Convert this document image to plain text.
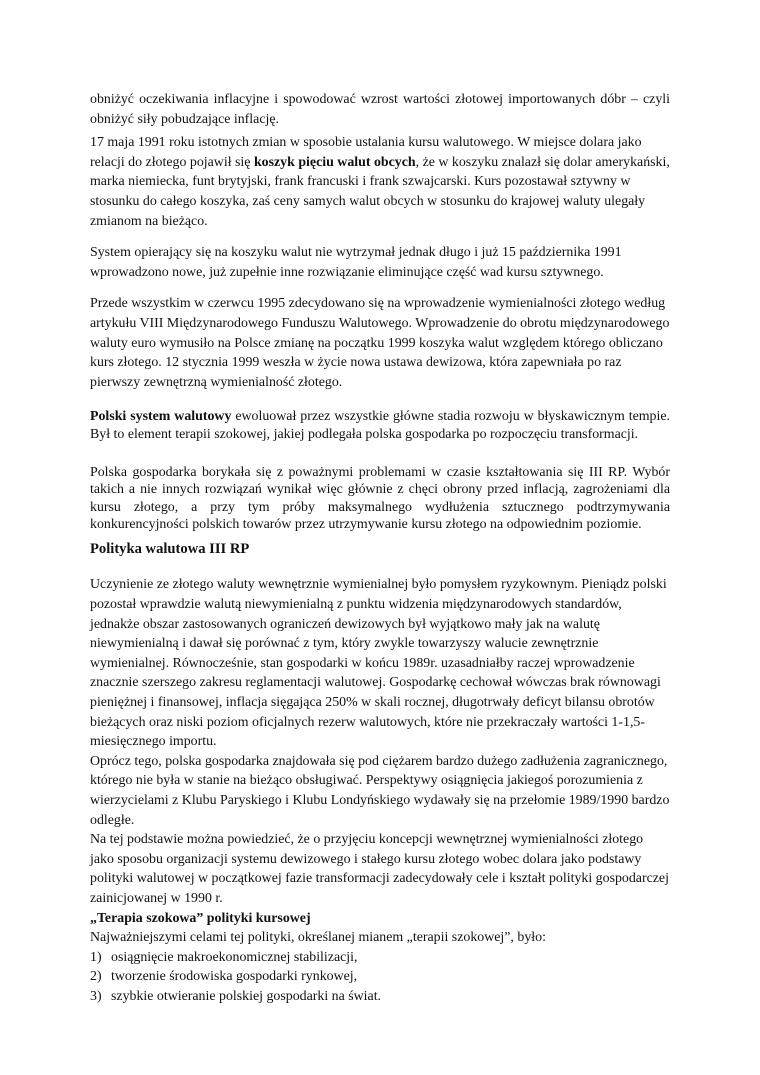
obniżyć oczekiwania inflacyjne i spowodować wzrost wartości złotowej importowanych dóbr – czyli obniżyć siły pobudzające inflację.

17 maja 1991 roku istotnych zmian w sposobie ustalania kursu walutowego. W miejsce dolara jako relacji do złotego pojawił się koszyk pięciu walut obcych, że w koszyku znalazł się dolar amerykański, marka niemiecka, funt brytyjski, frank francuski i frank szwajcarski. Kurs pozostawał sztywny w stosunku do całego koszyka, zaś ceny samych walut obcych w stosunku do krajowej waluty ulegały zmianom na bieżąco.

System opierający się na koszyku walut nie wytrzymał jednak długo i już 15 października 1991 wprowadzono nowe, już zupełnie inne rozwiązanie eliminujące część wad kursu sztywnego.

Przede wszystkim w czerwcu 1995 zdecydowano się na wprowadzenie wymienialności złotego według artykułu VIII Międzynarodowego Funduszu Walutowego. Wprowadzenie do obrotu międzynarodowego waluty euro wymusiło na Polsce zmianę na początku 1999 koszyka walut względem którego obliczano kurs złotego. 12 stycznia 1999 weszła w życie nowa ustawa dewizowa, która zapewniała po raz pierwszy zewnętrzną wymienialność złotego.

Polski system walutowy ewoluował przez wszystkie główne stadia rozwoju w błyskawicznym tempie. Był to element terapii szokowej, jakiej podlegała polska gospodarka po rozpoczęciu transformacji.

Polska gospodarka borykała się z poważnymi problemami w czasie kształtowania się III RP. Wybór takich a nie innych rozwiązań wynikał więc głównie z chęci obrony przed inflacją, zagrożeniami dla kursu złotego, a przy tym próby maksymalnego wydłużenia sztucznego podtrzymywania konkurencyjności polskich towarów przez utrzymywanie kursu złotego na odpowiednim poziomie.

Polityka walutowa III RP

Uczynienie ze złotego waluty wewnętrznie wymienialnej było pomysłem ryzykownym. Pieniądz polski pozostał wprawdzie walutą niewymienialną z punktu widzenia międzynarodowych standardów, jednakże obszar zastosowanych ograniczeń dewizowych był wyjątkowo mały jak na walutę niewymienialną i dawał się porównać z tym, który zwykle towarzyszy walucie zewnętrznie wymienialnej. Równocześnie, stan gospodarki w końcu 1989r. uzasadniałby raczej wprowadzenie znacznie szerszego zakresu reglamentacji walutowej. Gospodarkę cechował wówczas brak równowagi pieniężnej i finansowej, inflacja sięgająca 250% w skali rocznej, długotrwały deficyt bilansu obrotów bieżących oraz niski poziom oficjalnych rezerw walutowych, które nie przekraczały wartości 1-1,5-miesięcznego importu.

Oprócz tego, polska gospodarka znajdowała się pod ciężarem bardzo dużego zadłużenia zagranicznego, którego nie była w stanie na bieżąco obsługiwać. Perspektywy osiągnięcia jakiegoś porozumienia z wierzycielami z Klubu Paryskiego i Klubu Londyńskiego wydawały się na przełomie 1989/1990 bardzo odległe.

Na tej podstawie można powiedzieć, że o przyjęciu koncepcji wewnętrznej wymienialności złotego jako sposobu organizacji systemu dewizowego i stałego kursu złotego wobec dolara jako podstawy polityki walutowej w początkowej fazie transformacji zadecydowały cele i kształt polityki gospodarczej zainicjowanej w 1990 r.

„Terapia szokowa” polityki kursowej

Najważniejszymi celami tej polityki, określanej mianem „terapii szokowej”, było:

1) osiągnięcie makroekonomicznej stabilizacji,
2) tworzenie środowiska gospodarki rynkowej,
3) szybkie otwieranie polskiej gospodarki na świat.
